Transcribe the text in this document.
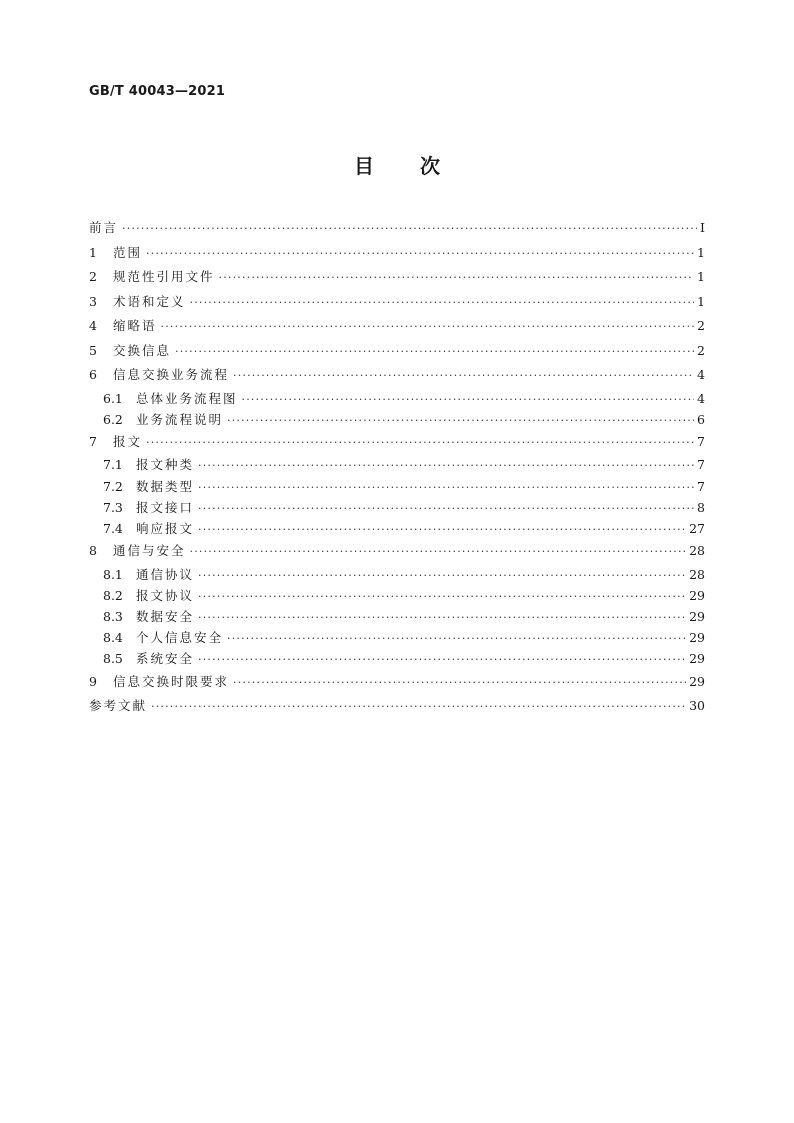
GB/T 40043—2021
目次
前言 ·····	I
1	范围 ·····	1
2	规范性引用文件 ·····	1
3	术语和定义 ·····	1
4	缩略语 ·····	2
5	交换信息 ·····	2
6	信息交换业务流程 ·····	4
6.1	总体业务流程图 ·····	4
6.2	业务流程说明 ·····	6
7	报文 ·····	7
7.1	报文种类 ·····	7
7.2	数据类型 ·····	7
7.3	报文接口 ·····	8
7.4	响应报文 ·····	27
8	通信与安全 ·····	28
8.1	通信协议 ·····	28
8.2	报文协议 ·····	29
8.3	数据安全 ·····	29
8.4	个人信息安全 ·····	29
8.5	系统安全 ·····	29
9	信息交换时限要求 ·····	29
参考文献 ·····	30
